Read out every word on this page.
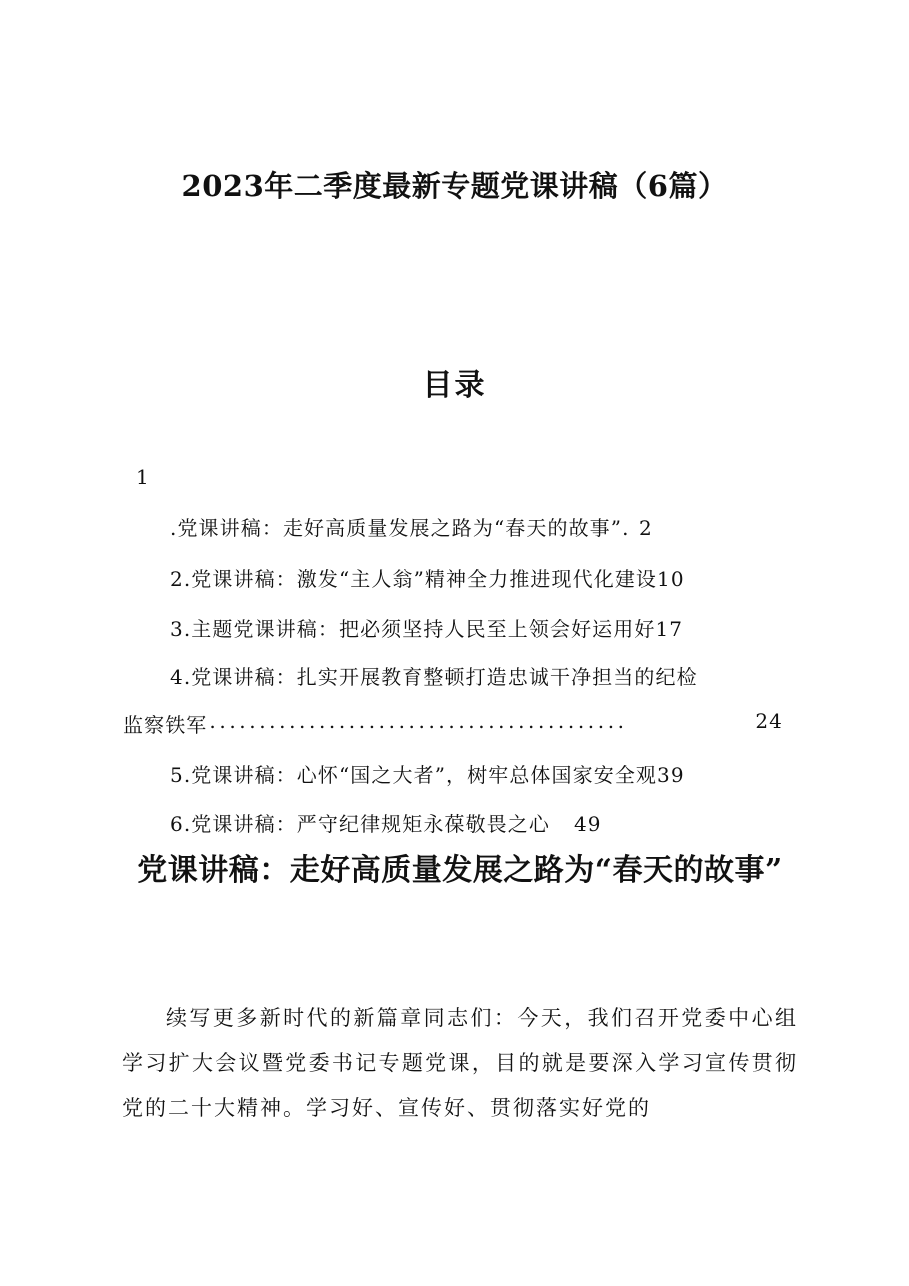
2023年二季度最新专题党课讲稿（6篇）
目录
1
.党课讲稿：走好高质量发展之路为“春天的故事”. 2
2.党课讲稿：激发“主人翁”精神全力推进现代化建设10
3.主题党课讲稿：把必须坚持人民至上领会好运用好17
4.党课讲稿：扎实开展教育整顿打造忠诚干净担当的纪检
监察铁军 ..........................................	24
5.党课讲稿：心怀“国之大者”，树牢总体国家安全观39
6.党课讲稿：严守纪律规矩永葆敬畏之心 49
党课讲稿：走好高质量发展之路为“春天的故事”
续写更多新时代的新篇章同志们：今天，我们召开党委中心组学习扩大会议暨党委书记专题党课，目的就是要深入学习宣传贯彻党的二十大精神。学习好、宣传好、贯彻落实好党的
